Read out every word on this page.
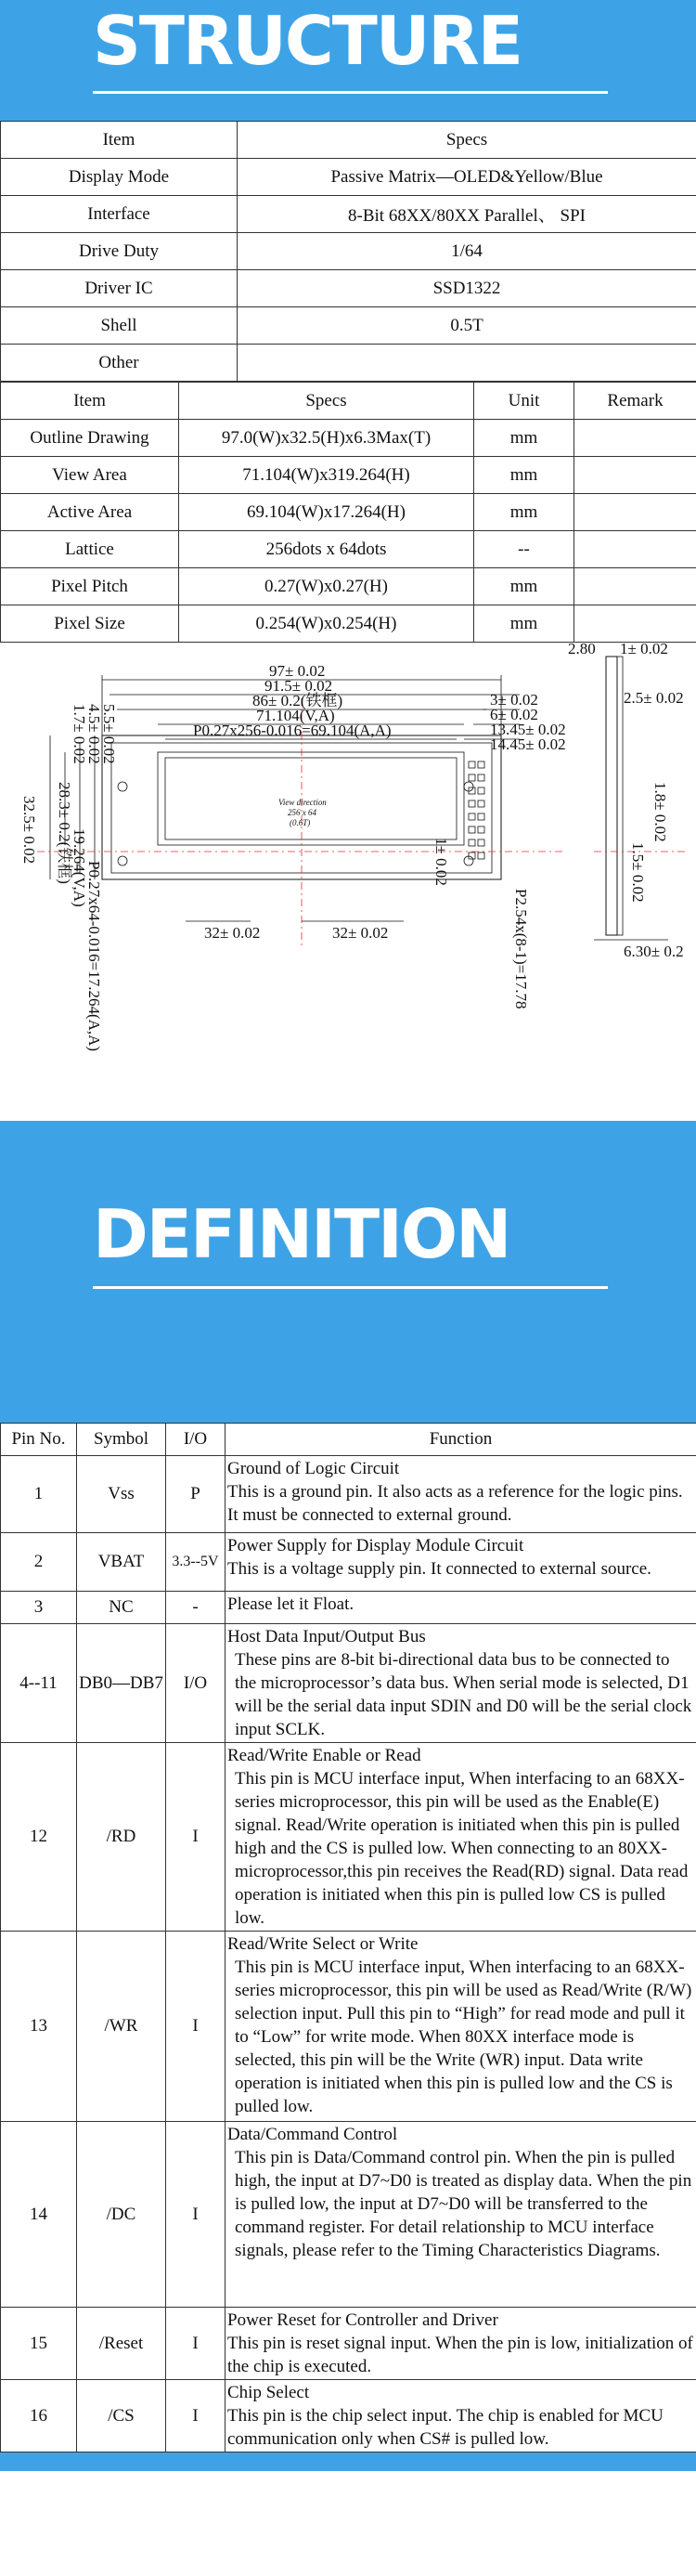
STRUCTURE
Item	Specs
Display Mode	Passive Matrix—OLED&Yellow/Blue
Interface	8-Bit 68XX/80XX Parallel、 SPI
Drive Duty	1/64
Driver IC	SSD1322
Shell	0.5T
Other	
Item	Specs	Unit	Remark
Outline Drawing	97.0(W)x32.5(H)x6.3Max(T)	mm	
View Area	71.104(W)x319.264(H)	mm	
Active Area	69.104(W)x17.264(H)	mm	
Lattice	256dots x 64dots	--	
Pixel Pitch	0.27(W)x0.27(H)	mm	
Pixel Size	0.254(W)x0.254(H)	mm	
97± 0.02
91.5± 0.02
86± 0.2(铁框)
71.104(V,A)
P0.27x256-0.016=69.104(A,A)
3± 0.02
6± 0.02
13.45± 0.02
14.45± 0.02
5.5± 0.02
4.5± 0.02
1.7± 0.02
28.3± 0.2(铁框)
32.5± 0.02 19.264(V,A)
P0.27x64-0.016=17.264(A,A)	32± 0.02	32± 0.02
1± 0.02
P2.54x(8-1)=17.78
View direction
256 x 64
(0.6T)
2.80 1± 0.02
2.5± 0.02
1.8± 0.02
1.5± 0.02
6.30± 0.2
DEFINITION
Pin No.	Symbol	I/O	Function
1	Vss	P	Ground of Logic Circuit
This is a ground pin. It also acts as a reference for the logic pins. It must be connected to external ground.

2	VBAT	3.3--5V	Power Supply for Display Module Circuit
This is a voltage supply pin. It connected to external source.

3	NC	-	Please let it Float.

4--11	DB0—DB7	I/O	Host Data Input/Output Bus
These pins are 8-bit bi-directional data bus to be connected to the microprocessor’s data bus. When serial mode is selected, D1 will be the serial data input SDIN and D0 will be the serial clock input SCLK.

12	/RD	I	Read/Write Enable or Read
This pin is MCU interface input, When interfacing to an 68XX-series microprocessor, this pin will be used as the Enable(E) signal. Read/Write operation is initiated when this pin is pulled high and the CS is pulled low. When connecting to an 80XX-microprocessor,this pin receives the Read(RD) signal. Data read operation is initiated when this pin is pulled low CS is pulled low.

13	/WR	I	Read/Write Select or Write
This pin is MCU interface input, When interfacing to an 68XX-series microprocessor, this pin will be used as Read/Write (R/W) selection input. Pull this pin to “High” for read mode and pull it to “Low” for write mode. When 80XX interface mode is selected, this pin will be the Write (WR) input. Data write operation is initiated when this pin is pulled low and the CS is pulled low.

14	/DC	I	Data/Command Control
This pin is Data/Command control pin. When the pin is pulled high, the input at D7~D0 is treated as display data. When the pin is pulled low, the input at D7~D0 will be transferred to the command register. For detail relationship to MCU interface signals, please refer to the Timing Characteristics Diagrams.

15	/Reset	I	Power Reset for Controller and Driver
This pin is reset signal input. When the pin is low, initialization of the chip is executed.

16	/CS	I	Chip Select
This pin is the chip select input. The chip is enabled for MCU communication only when CS# is pulled low.
